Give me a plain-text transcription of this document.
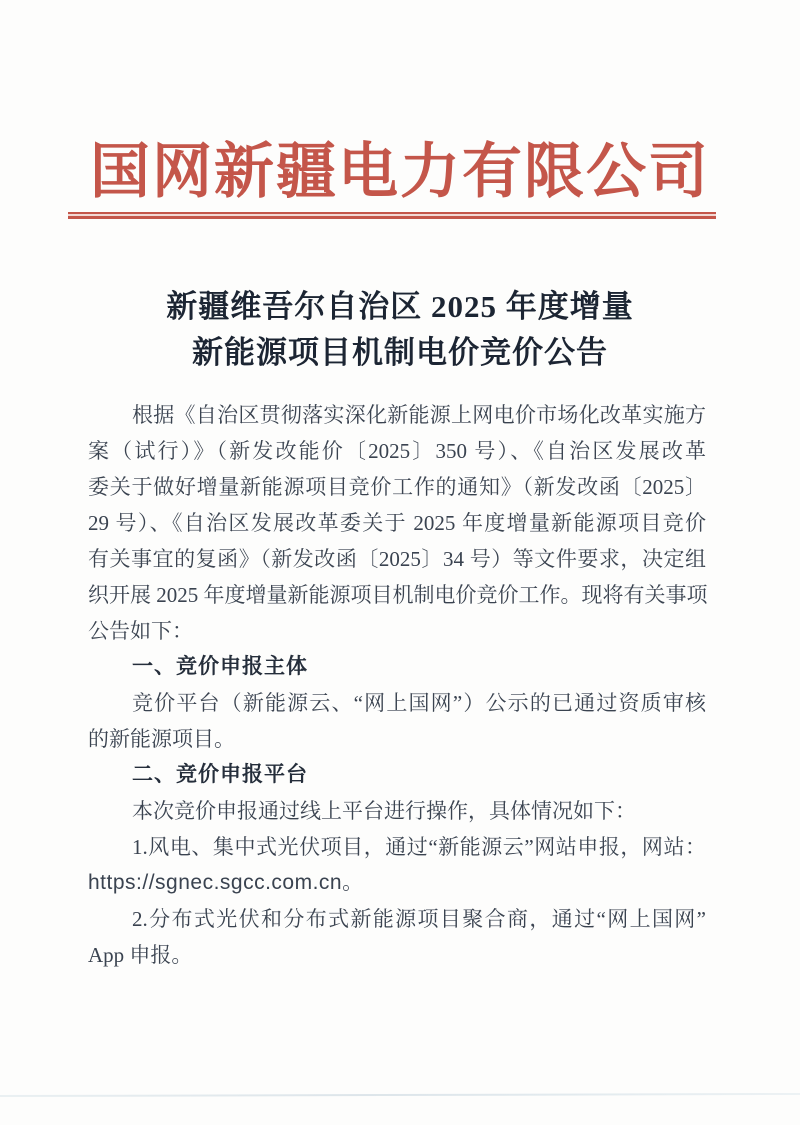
国网新疆电力有限公司
新疆维吾尔自治区 2025 年度增量
新能源项目机制电价竞价公告
根据《自治区贯彻落实深化新能源上网电价市场化改革实施方
案（试行）》（新发改能价〔2025〕350 号）、《自治区发展改革
委关于做好增量新能源项目竞价工作的通知》（新发改函〔2025〕
29 号）、《自治区发展改革委关于 2025 年度增量新能源项目竞价
有关事宜的复函》（新发改函〔2025〕34 号）等文件要求，决定组
织开展 2025 年度增量新能源项目机制电价竞价工作。现将有关事项
公告如下：
一、竞价申报主体
竞价平台（新能源云、“网上国网”）公示的已通过资质审核
的新能源项目。
二、竞价申报平台
本次竞价申报通过线上平台进行操作，具体情况如下：
1.风电、集中式光伏项目，通过“新能源云”网站申报，网站：
https://sgnec.sgcc.com.cn。
2.分布式光伏和分布式新能源项目聚合商，通过“网上国网”
App 申报。
